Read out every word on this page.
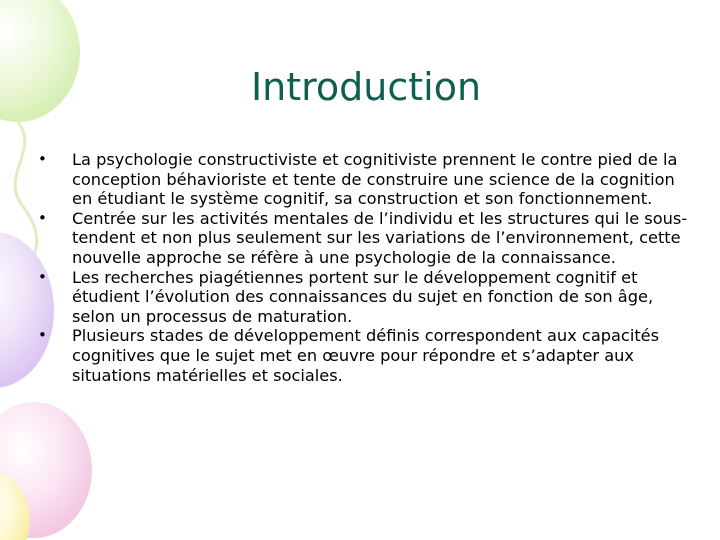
Introduction
•	La psychologie constructiviste et cognitiviste prennent le contre pied de la conception béhavioriste et tente de construire une science de la cognition en étudiant le système cognitif, sa construction et son fonctionnement.
•	Centrée sur les activités mentales de l’individu et les structures qui le sous-tendent et non plus seulement sur les variations de l’environnement, cette nouvelle approche se réfère à une psychologie de la connaissance.
•	Les recherches piagétiennes portent sur le développement cognitif et étudient l’évolution des connaissances du sujet en fonction de son âge, selon un processus de maturation.
•	Plusieurs stades de développement définis correspondent aux capacités cognitives que le sujet met en œuvre pour répondre et s’adapter aux situations matérielles et sociales.
